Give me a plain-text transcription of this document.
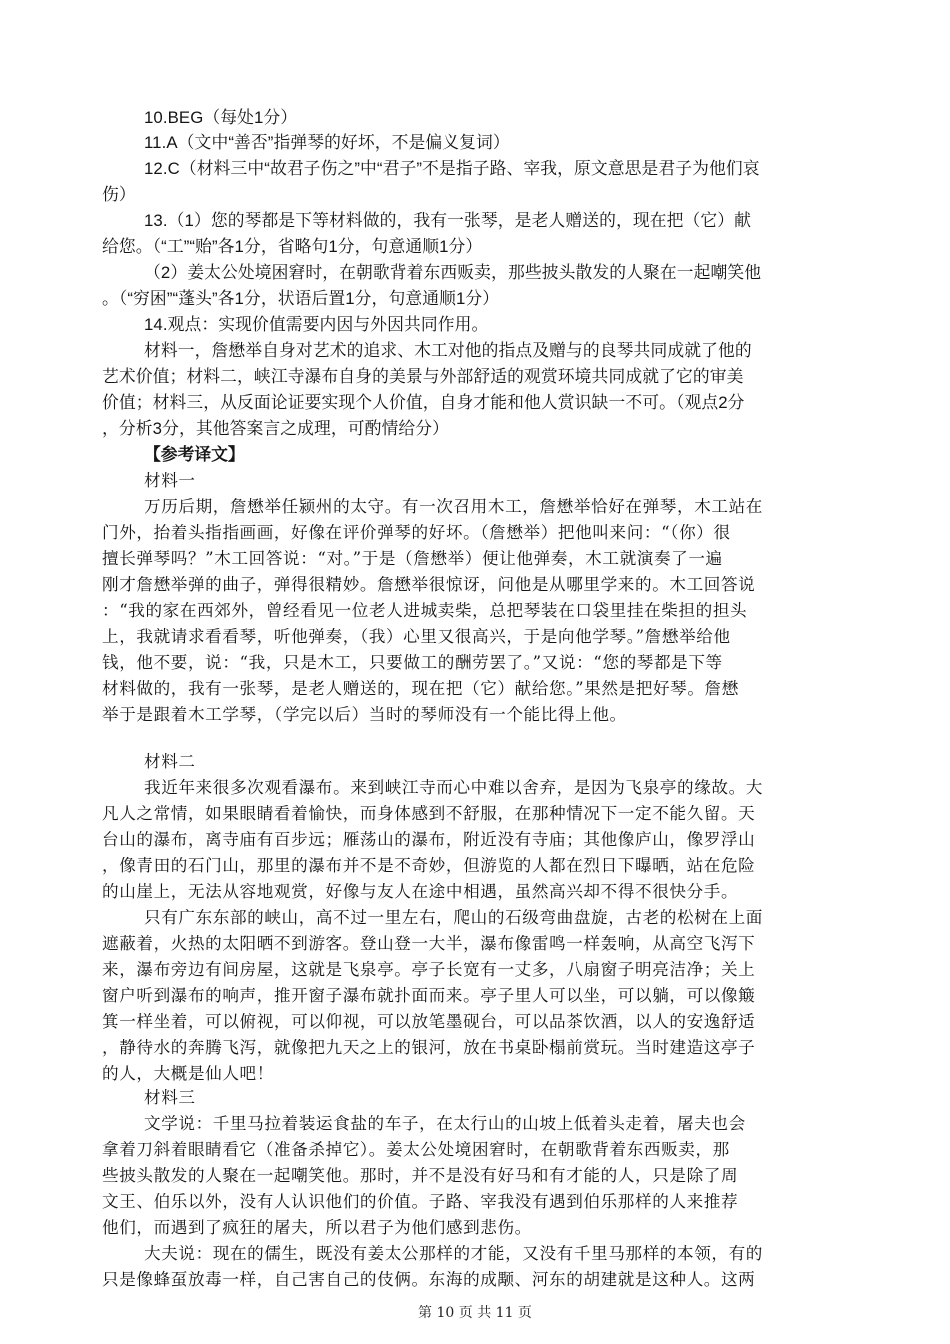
10.BEG（每处1分）
11.A（文中“善否”指弹琴的好坏，不是偏义复词）
12.C（材料三中“故君子伤之”中“君子”不是指子路、宰我，原文意思是君子为他们哀
伤）
13.（1）您的琴都是下等材料做的，我有一张琴，是老人赠送的，现在把（它）献
给您。（“工”“贻”各1分，省略句1分，句意通顺1分）
（2）姜太公处境困窘时，在朝歌背着东西贩卖，那些披头散发的人聚在一起嘲笑他
。（“穷困”“蓬头”各1分，状语后置1分，句意通顺1分）
14.观点：实现价值需要内因与外因共同作用。
材料一，詹懋举自身对艺术的追求、木工对他的指点及赠与的良琴共同成就了他的
艺术价值；材料二，峡江寺瀑布自身的美景与外部舒适的观赏环境共同成就了它的审美
价值；材料三，从反面论证要实现个人价值，自身才能和他人赏识缺一不可。（观点2分
，分析3分，其他答案言之成理，可酌情给分）
【参考译文】
材料一
万历后期，詹懋举任颍州的太守。有一次召用木工，詹懋举恰好在弹琴，木工站在
门外，抬着头指指画画，好像在评价弹琴的好坏。（詹懋举）把他叫来问：“（你）很
擅长弹琴吗？”木工回答说：“对。”于是（詹懋举）便让他弹奏，木工就演奏了一遍
刚才詹懋举弹的曲子，弹得很精妙。詹懋举很惊讶，问他是从哪里学来的。木工回答说
：“我的家在西郊外，曾经看见一位老人进城卖柴，总把琴装在口袋里挂在柴担的担头
上，我就请求看看琴，听他弹奏，（我）心里又很高兴，于是向他学琴。”詹懋举给他
钱，他不要，说：“我，只是木工，只要做工的酬劳罢了。”又说：“您的琴都是下等
材料做的，我有一张琴，是老人赠送的，现在把（它）献给您。”果然是把好琴。詹懋
举于是跟着木工学琴，（学完以后）当时的琴师没有一个能比得上他。
材料二
我近年来很多次观看瀑布。来到峡江寺而心中难以舍弃，是因为飞泉亭的缘故。大
凡人之常情，如果眼睛看着愉快，而身体感到不舒服，在那种情况下一定不能久留。天
台山的瀑布，离寺庙有百步远；雁荡山的瀑布，附近没有寺庙；其他像庐山，像罗浮山
，像青田的石门山，那里的瀑布并不是不奇妙，但游览的人都在烈日下曝晒，站在危险
的山崖上，无法从容地观赏，好像与友人在途中相遇，虽然高兴却不得不很快分手。
只有广东东部的峡山，高不过一里左右，爬山的石级弯曲盘旋，古老的松树在上面
遮蔽着，火热的太阳晒不到游客。登山登一大半，瀑布像雷鸣一样轰响，从高空飞泻下
来，瀑布旁边有间房屋，这就是飞泉亭。亭子长宽有一丈多，八扇窗子明亮洁净；关上
窗户听到瀑布的响声，推开窗子瀑布就扑面而来。亭子里人可以坐，可以躺，可以像簸
箕一样坐着，可以俯视，可以仰视，可以放笔墨砚台，可以品茶饮酒，以人的安逸舒适
，静待水的奔腾飞泻，就像把九天之上的银河，放在书桌卧榻前赏玩。当时建造这亭子
的人，大概是仙人吧！
材料三
文学说：千里马拉着装运食盐的车子，在太行山的山坡上低着头走着，屠夫也会
拿着刀斜着眼睛看它（准备杀掉它）。姜太公处境困窘时，在朝歌背着东西贩卖，那
些披头散发的人聚在一起嘲笑他。那时，并不是没有好马和有才能的人，只是除了周
文王、伯乐以外，没有人认识他们的价值。子路、宰我没有遇到伯乐那样的人来推荐
他们，而遇到了疯狂的屠夫，所以君子为他们感到悲伤。
大夫说：现在的儒生，既没有姜太公那样的才能，又没有千里马那样的本领，有的
只是像蜂虿放毒一样，自己害自己的伎俩。东海的成颙、河东的胡建就是这种人。这两
第 10 页 共 11 页
